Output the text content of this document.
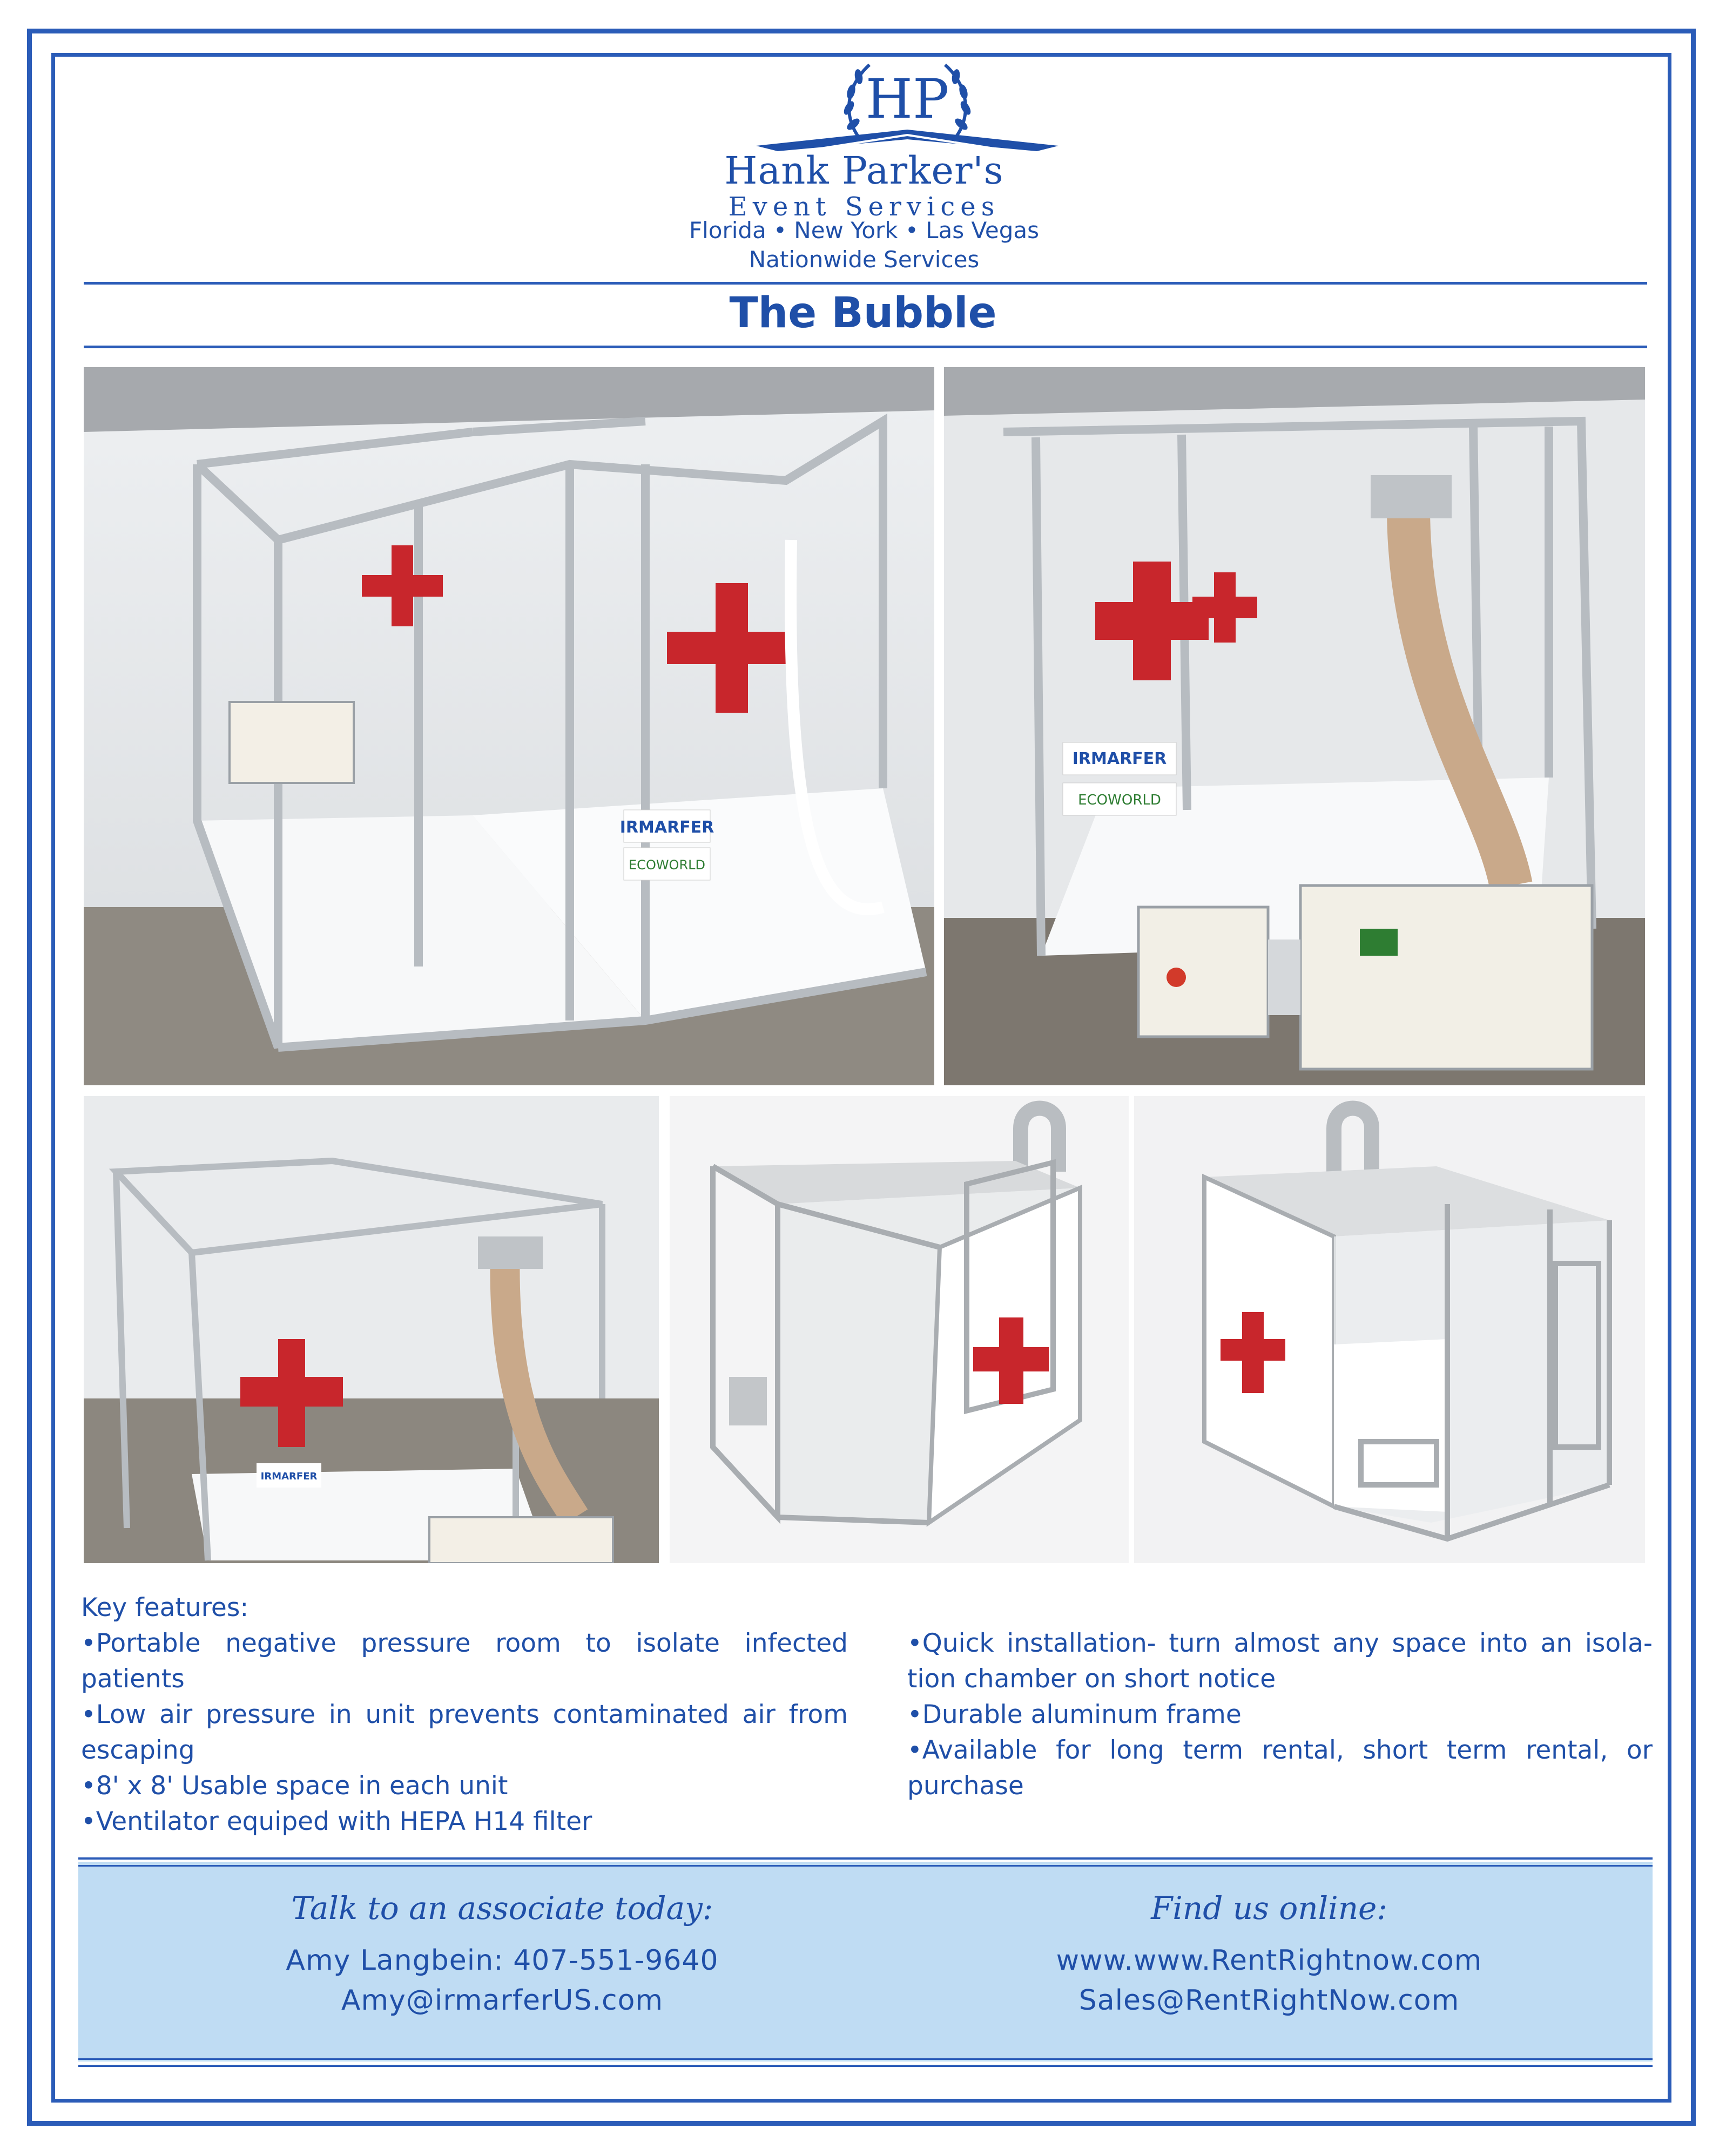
HP
Hank Parker's
Event Services
Florida • New York • Las Vegas
Nationwide Services
The Bubble
IRMARFER
ECOWORLD
IRMARFER
ECOWORLD
IRMARFER

Key features:

•Portable negative pressure room to isolate infected patients

•Low air pressure in unit prevents contaminated air from escaping

•8' x 8' Usable space in each unit

•Ventilator equiped with HEPA H14 filter

•Quick installation- turn almost any space into an isola-tion chamber on short notice

•Durable aluminum frame

•Available for long term rental, short term rental, or purchase

Talk to an associate today:
Amy Langbein: 407-551-9640
Amy@irmarferUS.com
Find us online:
www.www.RentRightnow.com
Sales@RentRightNow.com
